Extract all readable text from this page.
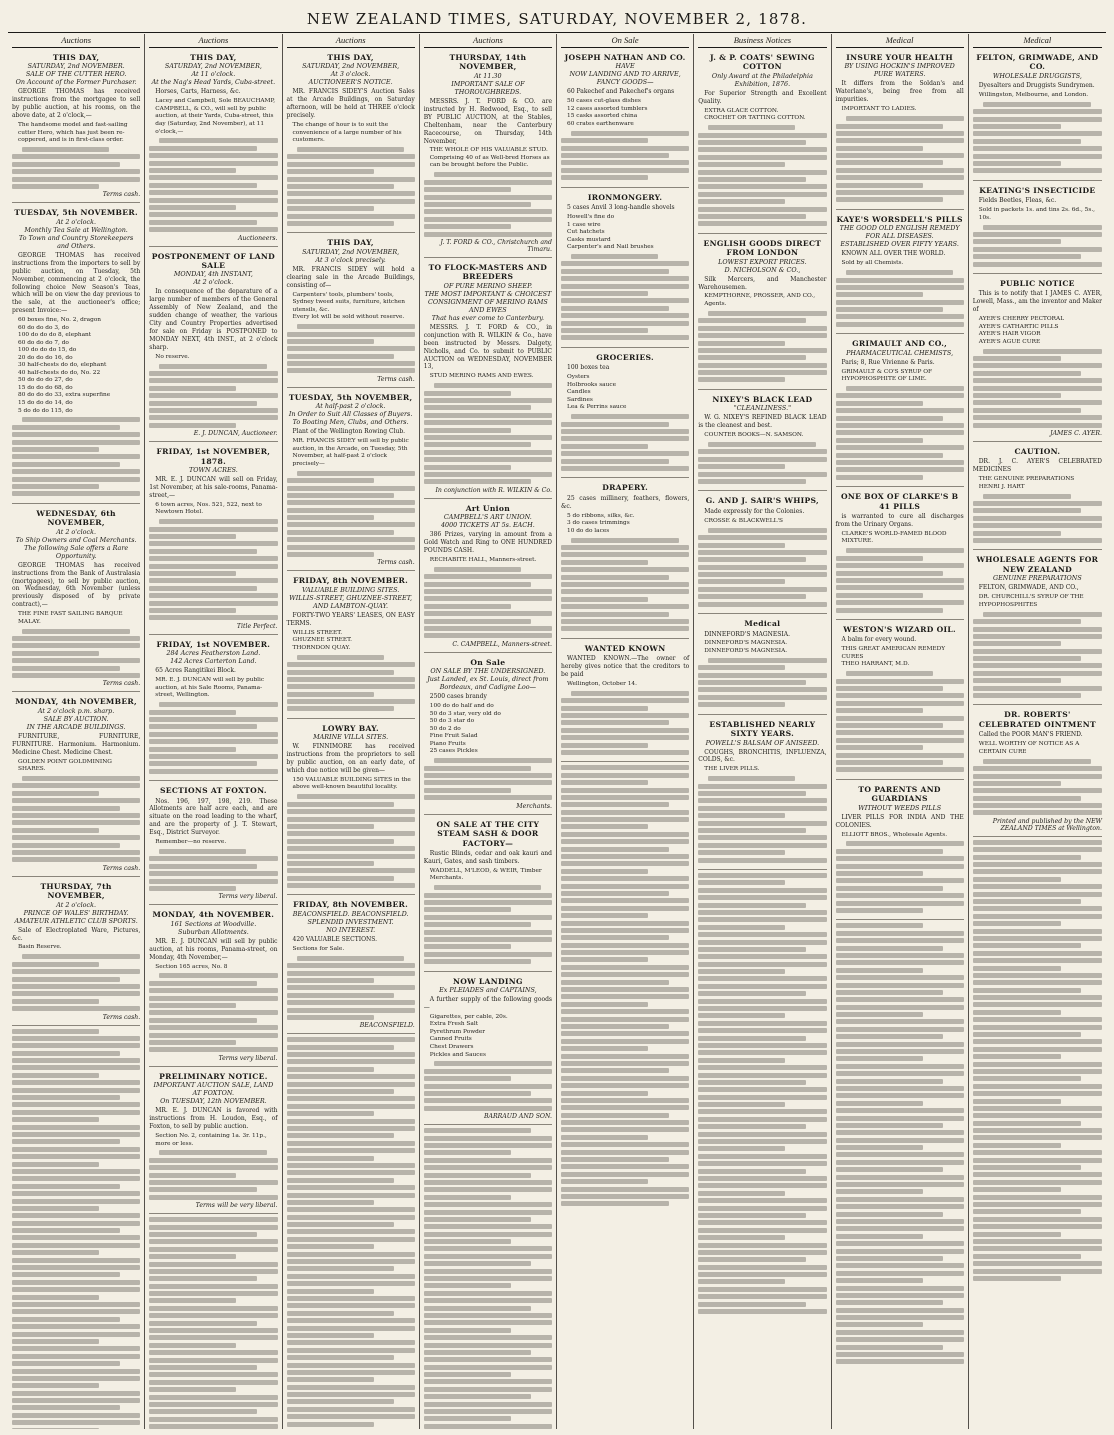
NEW ZEALAND TIMES, SATURDAY, NOVEMBER 2, 1878.
Auctions
THIS DAY,
SATURDAY, 2nd NOVEMBER.
SALE OF THE CUTTER HERO.
On Account of the Former Purchaser.

GEORGE THOMAS has received instructions from the mortgagee to sell by public auction, at his rooms, on the above date, at 2 o'clock,—

The handsome model and fast-sailing cutter Hero, which has just been re-coppered, and is in first-class order.
Terms cash.
TUESDAY, 5th NOVEMBER.
At 2 o'clock.
Monthly Tea Sale at Wellington.
To Town and Country Storekeepers and Others.

GEORGE THOMAS has received instructions from the importers to sell by public auction, on Tuesday, 5th November, commencing at 2 o'clock, the following choice New Season's Teas, which will be on view the day previous to the sale, at the auctioneer's office; present Invoice:—

60 boxes fine, No. 2, dragon
60 do do do 3, do
100 do do do 8, elephant
60 do do do 7, do
100 do do do 15, do
20 do do do 16, do
30 half-chests do do, elephant
40 half-chests do do, No. 22
50 do do do 27, do
15 do do do 68, do
80 do do do 33, extra superfine
15 do do do 14, do
5 do do do 115, do
WEDNESDAY, 6th NOVEMBER,
At 2 o'clock.
To Ship Owners and Coal Merchants.
The following Sale offers a Rare Opportunity.

GEORGE THOMAS has received instructions from the Bank of Australasia (mortgagees), to sell by public auction, on Wednesday, 6th November (unless previously disposed of by private contract),—

THE FINE FAST SAILING BARQUE MALAY.
Terms cash.
MONDAY, 4th NOVEMBER,
At 2 o'clock p.m. sharp.
SALE BY AUCTION.
IN THE ARCADE BUILDINGS.

FURNITURE, FURNITURE, FURNITURE. Harmonium. Harmonium. Medicine Chest. Medicine Chest.

GOLDEN POINT GOLDMINING SHARES.
Terms cash.
THURSDAY, 7th NOVEMBER,
At 2 o'clock.
PRINCE OF WALES' BIRTHDAY.
AMATEUR ATHLETIC CLUB SPORTS.

Sale of Electroplated Ware, Pictures, &c.

Basin Reserve.
Terms cash.
Auctions
THIS DAY,
SATURDAY, 2nd NOVEMBER,
At 11 o'clock.
At the Nag's Head Yards, Cuba-street.

Horses, Carts, Harness, &c.

Lacey and Campbell, Sole BEAUCHAMP, CAMPBELL, & CO., will sell by public auction, at their Yards, Cuba-street, this day (Saturday, 2nd November), at 11 o'clock,—
Auctioneers.
POSTPONEMENT OF LAND SALE
MONDAY, 4th INSTANT,
At 2 o'clock.

In consequence of the deparature of a large number of members of the General Assembly of New Zealand, and the sudden change of weather, the various City and Country Properties advertised for sale on Friday is POSTPONED to MONDAY NEXT, 4th INST., at 2 o'clock sharp.

No reserve.
E. J. DUNCAN, Auctioneer.
FRIDAY, 1st NOVEMBER, 1878.
TOWN ACRES.

MR. E. J. DUNCAN will sell on Friday, 1st November, at his sale-rooms, Panama-street,—

6 town acres, Nos. 521, 522, next to Newtown Hotel.
Title Perfect.
FRIDAY, 1st NOVEMBER.
284 Acres Featherston Land.
142 Acres Carterton Land.

65 Acres Rangitikei Block.

MR. E. J. DUNCAN will sell by public auction, at his Sale Rooms, Panama-street, Wellington.
SECTIONS AT FOXTON.

Nos. 196, 197, 198, 219. These Allotments are half acre each, and are situate on the road leading to the wharf, and are the property of J. T. Stewart, Esq., District Surveyor.

Remember—no reserve.
Terms very liberal.
MONDAY, 4th NOVEMBER.
161 Sections at Woodville.
Suburban Allotments.

MR. E. J. DUNCAN will sell by public auction, at his rooms, Panama-street, on Monday, 4th November,—

Section 165 acres, No. 8
Terms very liberal.
PRELIMINARY NOTICE.
IMPORTANT AUCTION SALE, LAND AT FOXTON.
On TUESDAY, 12th NOVEMBER.

MR. E. J. DUNCAN is favored with instructions from H. Loudon, Esq., of Foxton, to sell by public auction.

Section No. 2, containing 1a. 3r. 11p., more or less.
Terms will be very liberal.
Auctions
THIS DAY,
SATURDAY, 2nd NOVEMBER,
At 3 o'clock.
AUCTIONEER'S NOTICE.

MR. FRANCIS SIDEY'S Auction Sales at the Arcade Buildings, on Saturday afternoon, will be held at THREE o'clock precisely.

The change of hour is to suit the convenience of a large number of his customers.
THIS DAY,
SATURDAY, 2nd NOVEMBER,
At 3 o'clock precisely.

MR. FRANCIS SIDEY will hold a clearing sale in the Arcade Buildings, consisting of—

Carpenters' tools, plumbers' tools, Sydney tweed suits, furniture, kitchen utensils, &c.
Every lot will be sold without reserve.
Terms cash.
TUESDAY, 5th NOVEMBER,
At half-past 2 o'clock.
In Order to Suit All Classes of Buyers.
To Boating Men, Clubs, and Others.

Plant of the Wellington Rowing Club.

MR. FRANCIS SIDEY will sell by public auction, in the Arcade, on Tuesday, 5th November, at half-past 2 o'clock precisely—
Terms cash.
FRIDAY, 8th NOVEMBER.
VALUABLE BUILDING SITES.
WILLIS-STREET, GHUZNEE-STREET, AND LAMBTON-QUAY.

FORTY-TWO YEARS' LEASES, ON EASY TERMS.

WILLIS STREET.
GHUZNEE STREET.
THORNDON QUAY.
LOWRY BAY.
MARINE VILLA SITES.

W. FINNIMORE has received instructions from the proprietors to sell by public auction, on an early date, of which due notice will be given—

150 VALUABLE BUILDING SITES in the above well-known beautiful locality.
FRIDAY, 8th NOVEMBER.
BEACONSFIELD. BEACONSFIELD.
SPLENDID INVESTMENT.
NO INTEREST.

420 VALUABLE SECTIONS.

Sections for Sale.
BEACONSFIELD.
Auctions
THURSDAY, 14th NOVEMBER,
At 11.30
IMPORTANT SALE OF THOROUGHBREDS.

MESSRS. J. T. FORD & CO. are instructed by H. Redwood, Esq., to sell BY PUBLIC AUCTION, at the Stables, Cheltenham, near the Canterbury Racecourse, on Thursday, 14th November,

THE WHOLE OF HIS VALUABLE STUD.
Comprising 40 of as Well-bred Horses as can be brought before the Public.
J. T. FORD & CO., Christchurch and Timaru.
TO FLOCK-MASTERS AND BREEDERS
OF PURE MERINO SHEEP.
THE MOST IMPORTANT & CHOICEST CONSIGNMENT OF MERINO RAMS AND EWES
That has ever come to Canterbury.

MESSRS. J. T. FORD & CO., in conjunction with R. WILKIN & Co., have been instructed by Messrs. Dalgety, Nicholls, and Co. to submit to PUBLIC AUCTION on WEDNESDAY, NOVEMBER 13,

STUD MERINO RAMS AND EWES.
In conjunction with R. WILKIN & Co.
Art Union
CAMPBELL'S ART UNION.
4000 TICKETS AT 5s. EACH.

386 Prizes, varying in amount from a Gold Watch and Ring to ONE HUNDRED POUNDS CASH.

RECHABITE HALL, Manners-street.
C. CAMPBELL, Manners-street.
On Sale
ON SALE BY THE UNDERSIGNED.
Just Landed, ex St. Louis, direct from Bordeaux, and Cadigne Loo—

2500 cases brandy

100 do do half and do
50 do 3 star, very old do
50 do 3 star do
50 do 2 do
Fine Fruit Salad
Piano Fruits
25 cases Pickles
Merchants.
ON SALE AT THE CITY STEAM SASH & DOOR FACTORY—

Rustic Blinds, cedar and oak kauri and Kauri, Gates, and sash timbers.

WADDELL, M'LEOD, & WEIR, Timber Merchants.
NOW LANDING
Ex PLEIADES and CAPTAINS,

A further supply of the following goods—

Gigarettes, per cable, 20s.
Extra Fresh Salt
Pyrethrum Powder
Canned Fruits
Chest Drawers
Pickles and Sauces
BARRAUD AND SON.
On Sale
JOSEPH NATHAN AND CO.
HAVE
NOW LANDING AND TO ARRIVE,
FANCY GOODS—

60 Pakechef and Pakechef's organs

50 cases cut-glass dishes
12 cases assorted tumblers
15 casks assorted china
60 crates earthenware
IRONMONGERY.

5 cases Anvil 3 long-handle shovels

Howell's fine do
1 case wire
Cut hatchets
Casks mustard
Carpenter's and Nail brushes
GROCERIES.

100 boxes tea

Oysters
Holbrooks sauce
Candles
Sardines
Lea & Perrins sauce
DRAPERY.

25 cases millinery, feathers, flowers, &c.

5 do ribbons, silks, &c.
3 do cases trimmings
10 do do laces
WANTED KNOWN

WANTED KNOWN.—The owner of hereby gives notice that the creditors to be paid

Wellington, October 14.
Business Notices
J. & P. COATS' SEWING COTTON
Only Award at the Philadelphia Exhibition, 1876.

For Superior Strength and Excellent Quality.

EXTRA GLACE COTTON.
CROCHET OR TATTING COTTON.
ENGLISH GOODS DIRECT FROM LONDON
LOWEST EXPORT PRICES.
D. NICHOLSON & CO.,

Silk Mercers, and Manchester Warehousemen.

KEMPTHORNE, PROSSER, AND CO., Agents.
NIXEY'S BLACK LEAD
"CLEANLINESS."

W. G. NIXEY'S REFINED BLACK LEAD is the cleanest and best.

COUNTER BOOKS—N. SAMSON.
G. AND J. SAIR'S WHIPS,

Made expressly for the Colonies.

CROSSE & BLACKWELL'S
Medical

DINNEFORD'S MAGNESIA.

DINNEFORD'S MAGNESIA.
DINNEFORD'S MAGNESIA.
ESTABLISHED NEARLY SIXTY YEARS.
POWELL'S BALSAM OF ANISEED.

COUGHS, BRONCHITIS, INFLUENZA, COLDS, &c.

THE LIVER PILLS.
Medical
INSURE YOUR HEALTH
BY USING HOCKIN'S IMPROVED PURE WATERS.

It differs from the Soldan's and Waterlane's, being free from all impurities.

IMPORTANT TO LADIES.
KAYE'S WORSDELL'S PILLS
THE GOOD OLD ENGLISH REMEDY FOR ALL DISEASES.
ESTABLISHED OVER FIFTY YEARS.

KNOWN ALL OVER THE WORLD.

Sold by all Chemists.
GRIMAULT AND CO.,
PHARMACEUTICAL CHEMISTS,

Paris; 8, Rue Vivienne & Paris.

GRIMAULT & CO'S SYRUP OF HYPOPHOSPHITE OF LIME.
ONE BOX OF CLARKE'S B 41 PILLS

is warranted to cure all discharges from the Urinary Organs.

CLARKE'S WORLD-FAMED BLOOD MIXTURE.
WESTON'S WIZARD OIL.

A balm for every wound.

THIS GREAT AMERICAN REMEDY CURES
THEO HARRANT, M.D.
TO PARENTS AND GUARDIANS
WITHOUT WEEDS PILLS

LIVER PILLS FOR INDIA AND THE COLONIES.

ELLIOTT BROS., Wholesale Agents.
Medical
FELTON, GRIMWADE, AND CO.
WHOLESALE DRUGGISTS,

Dyesalters and Druggists Sundrymen.

Willingston, Melbourne, and London.
KEATING'S INSECTICIDE

Fields Beetles, Fleas, &c.

Sold in packets 1s. and tins 2s. 6d., 5s., 10s.
PUBLIC NOTICE

This is to notify that I JAMES C. AYER, Lowell, Mass., am the inventor and Maker of

AYER'S CHERRY PECTORAL
AYER'S CATHARTIC PILLS
AYER'S HAIR VIGOR
AYER'S AGUE CURE
JAMES C. AYER.
CAUTION.

DR. J. C. AYER'S CELEBRATED MEDICINES

THE GENUINE PREPARATIONS
HENRI J. HART
WHOLESALE AGENTS FOR NEW ZEALAND
GENUINE PREPARATIONS

FELTON, GRIMWADE, AND CO.,

DR. CHURCHILL'S SYRUP OF THE HYPOPHOSPHITES
DR. ROBERTS' CELEBRATED OINTMENT

Called the POOR MAN'S FRIEND.

WELL WORTHY OF NOTICE AS A CERTAIN CURE
Printed and published by the NEW ZEALAND TIMES at Wellington.
